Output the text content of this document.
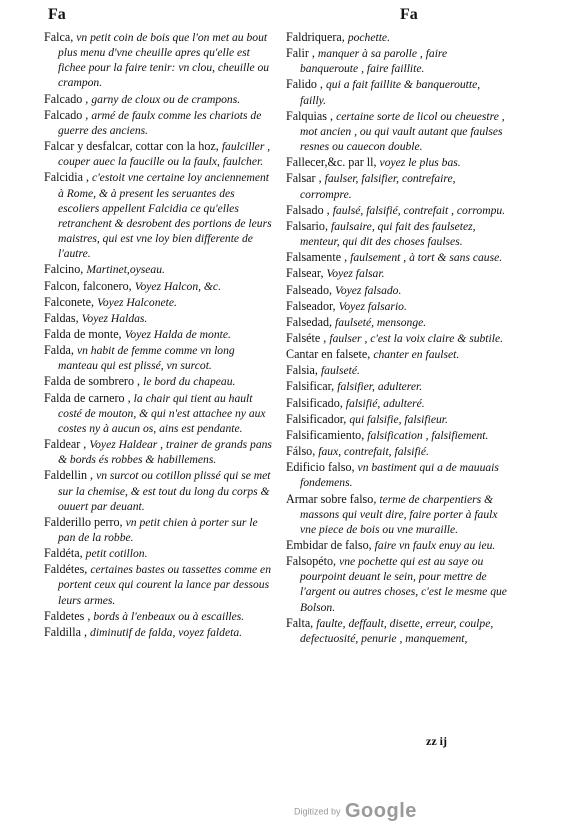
Fa	Fa

Falca, vn petit coin de bois que l'on met au bout plus menu d'vne cheuille apres qu'elle est fichee pour la faire tenir: vn clou, cheuille ou crampon.

Falcado , garny de cloux ou de crampons.

Falcado , armé de faulx comme les chariots de guerre des anciens.

Falcar y desfalcar, cottar con la hoz, faulciller , couper auec la faucille ou la faulx, faulcher.

Falcidia , c'estoit vne certaine loy anciennement à Rome, & à present les seruantes des escoliers appellent Falcidia ce qu'elles retranchent & desrobent des portions de leurs maistres, qui est vne loy bien differente de l'autre.

Falcino, Martinet,oyseau.

Falcon, falconero, Voyez Halcon, &c.

Falconete, Voyez Halconete.

Faldas, Voyez Haldas.

Falda de monte, Voyez Halda de monte.

Falda, vn habit de femme comme vn long manteau qui est plissé, vn surcot.

Falda de sombrero , le bord du chapeau.

Falda de carnero , la chair qui tient au hault costé de mouton, & qui n'est attachee ny aux costes ny à aucun os, ains est pendante.

Faldear , Voyez Haldear , trainer de grands pans & bords és robbes & habillemens.

Faldellin , vn surcot ou cotillon plissé qui se met sur la chemise, & est tout du long du corps & ouuert par deuant.

Falderillo perro, vn petit chien à porter sur le pan de la robbe.

Faldéta, petit cotillon.

Faldétes, certaines bastes ou tassettes comme en portent ceux qui courent la lance par dessous leurs armes.

Faldetes , bords à l'enbeaux ou à escailles.

Faldilla , diminutif de falda, voyez faldeta.

Faldriquera, pochette.

Falir , manquer à sa parolle , faire banqueroute , faire faillite.

Falido , qui a fait faillite & banqueroutte, failly.

Falquias , certaine sorte de licol ou cheuestre , mot ancien , ou qui vault autant que faulses resnes ou cauecon double.

Fallecer,&c. par ll, voyez le plus bas.

Falsar , faulser, falsifier, contrefaire, corrompre.

Falsado , faulsé, falsifié, contrefait , corrompu.

Falsario, faulsaire, qui fait des faulsetez, menteur, qui dit des choses faulses.

Falsamente , faulsement , à tort & sans cause.

Falsear, Voyez falsar.

Falseado, Voyez falsado.

Falseador, Voyez falsario.

Falsedad, faulseté, mensonge.

Falséte , faulser , c'est la voix claire & subtile.

Cantar en falsete, chanter en faulset.

Falsia, faulseté.

Falsificar, falsifier, adulterer.

Falsificado, falsifié, adulteré.

Falsificador, qui falsifie, falsifieur.

Falsificamiento, falsification , falsifiement.

Fálso, faux, contrefait, falsifié.

Edificio falso, vn bastiment qui a de mauuais fondemens.

Armar sobre falso, terme de charpentiers & massons qui veult dire, faire porter à faulx vne piece de bois ou vne muraille.

Embidar de falso, faire vn faulx enuy au ieu.

Falsopéto, vne pochette qui est au saye ou pourpoint deuant le sein, pour mettre de l'argent ou autres choses, c'est le mesme que Bolson.

Falta, faulte, deffault, disette, erreur, coulpe, defectuosité, penurie , manquement,

zz ij
Digitized by Google
